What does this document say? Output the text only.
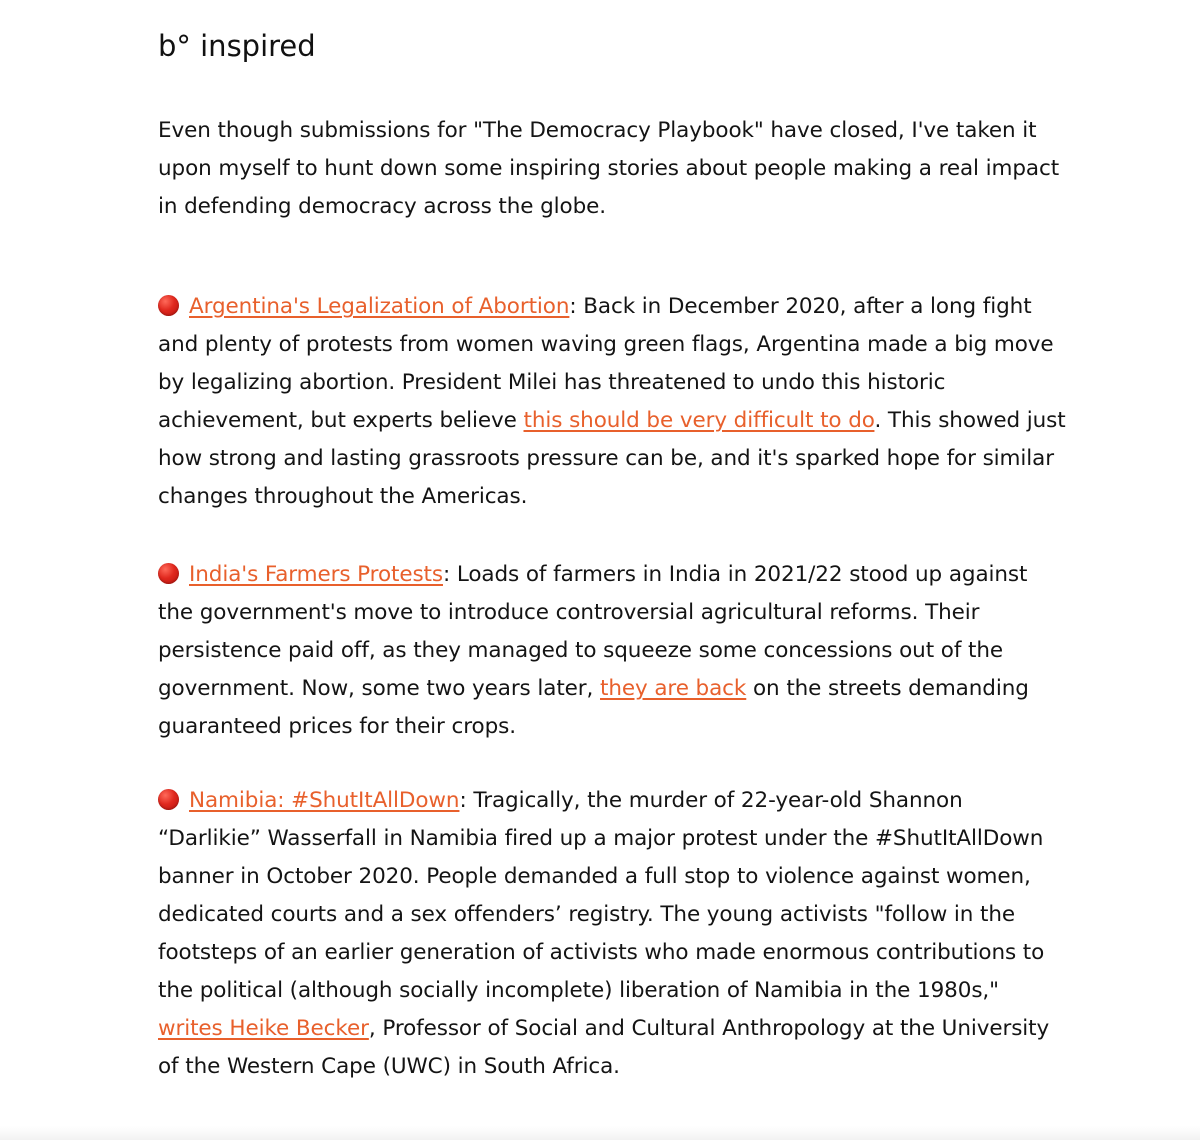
b° inspired

Even though submissions for "The Democracy Playbook" have closed, I've taken it upon myself to hunt down some inspiring stories about people making a real impact in defending democracy across the globe.

Argentina's Legalization of Abortion: Back in December 2020, after a long fight and plenty of protests from women waving green flags, Argentina made a big move by legalizing abortion. President Milei has threatened to undo this historic achievement, but experts believe this should be very difficult to do. This showed just how strong and lasting grassroots pressure can be, and it's sparked hope for similar changes throughout the Americas.

India's Farmers Protests: Loads of farmers in India in 2021/22 stood up against the government's move to introduce controversial agricultural reforms. Their persistence paid off, as they managed to squeeze some concessions out of the government. Now, some two years later, they are back on the streets demanding guaranteed prices for their crops.

Namibia: #ShutItAllDown: Tragically, the murder of 22-year-old Shannon “Darlikie” Wasserfall in Namibia fired up a major protest under the #ShutItAllDown banner in October 2020. People demanded a full stop to violence against women, dedicated courts and a sex offenders’ registry. The young activists "follow in the footsteps of an earlier generation of activists who made enormous contributions to the political (although socially incomplete) liberation of Namibia in the 1980s," writes Heike Becker, Professor of Social and Cultural Anthropology at the University of the Western Cape (UWC) in South Africa.
